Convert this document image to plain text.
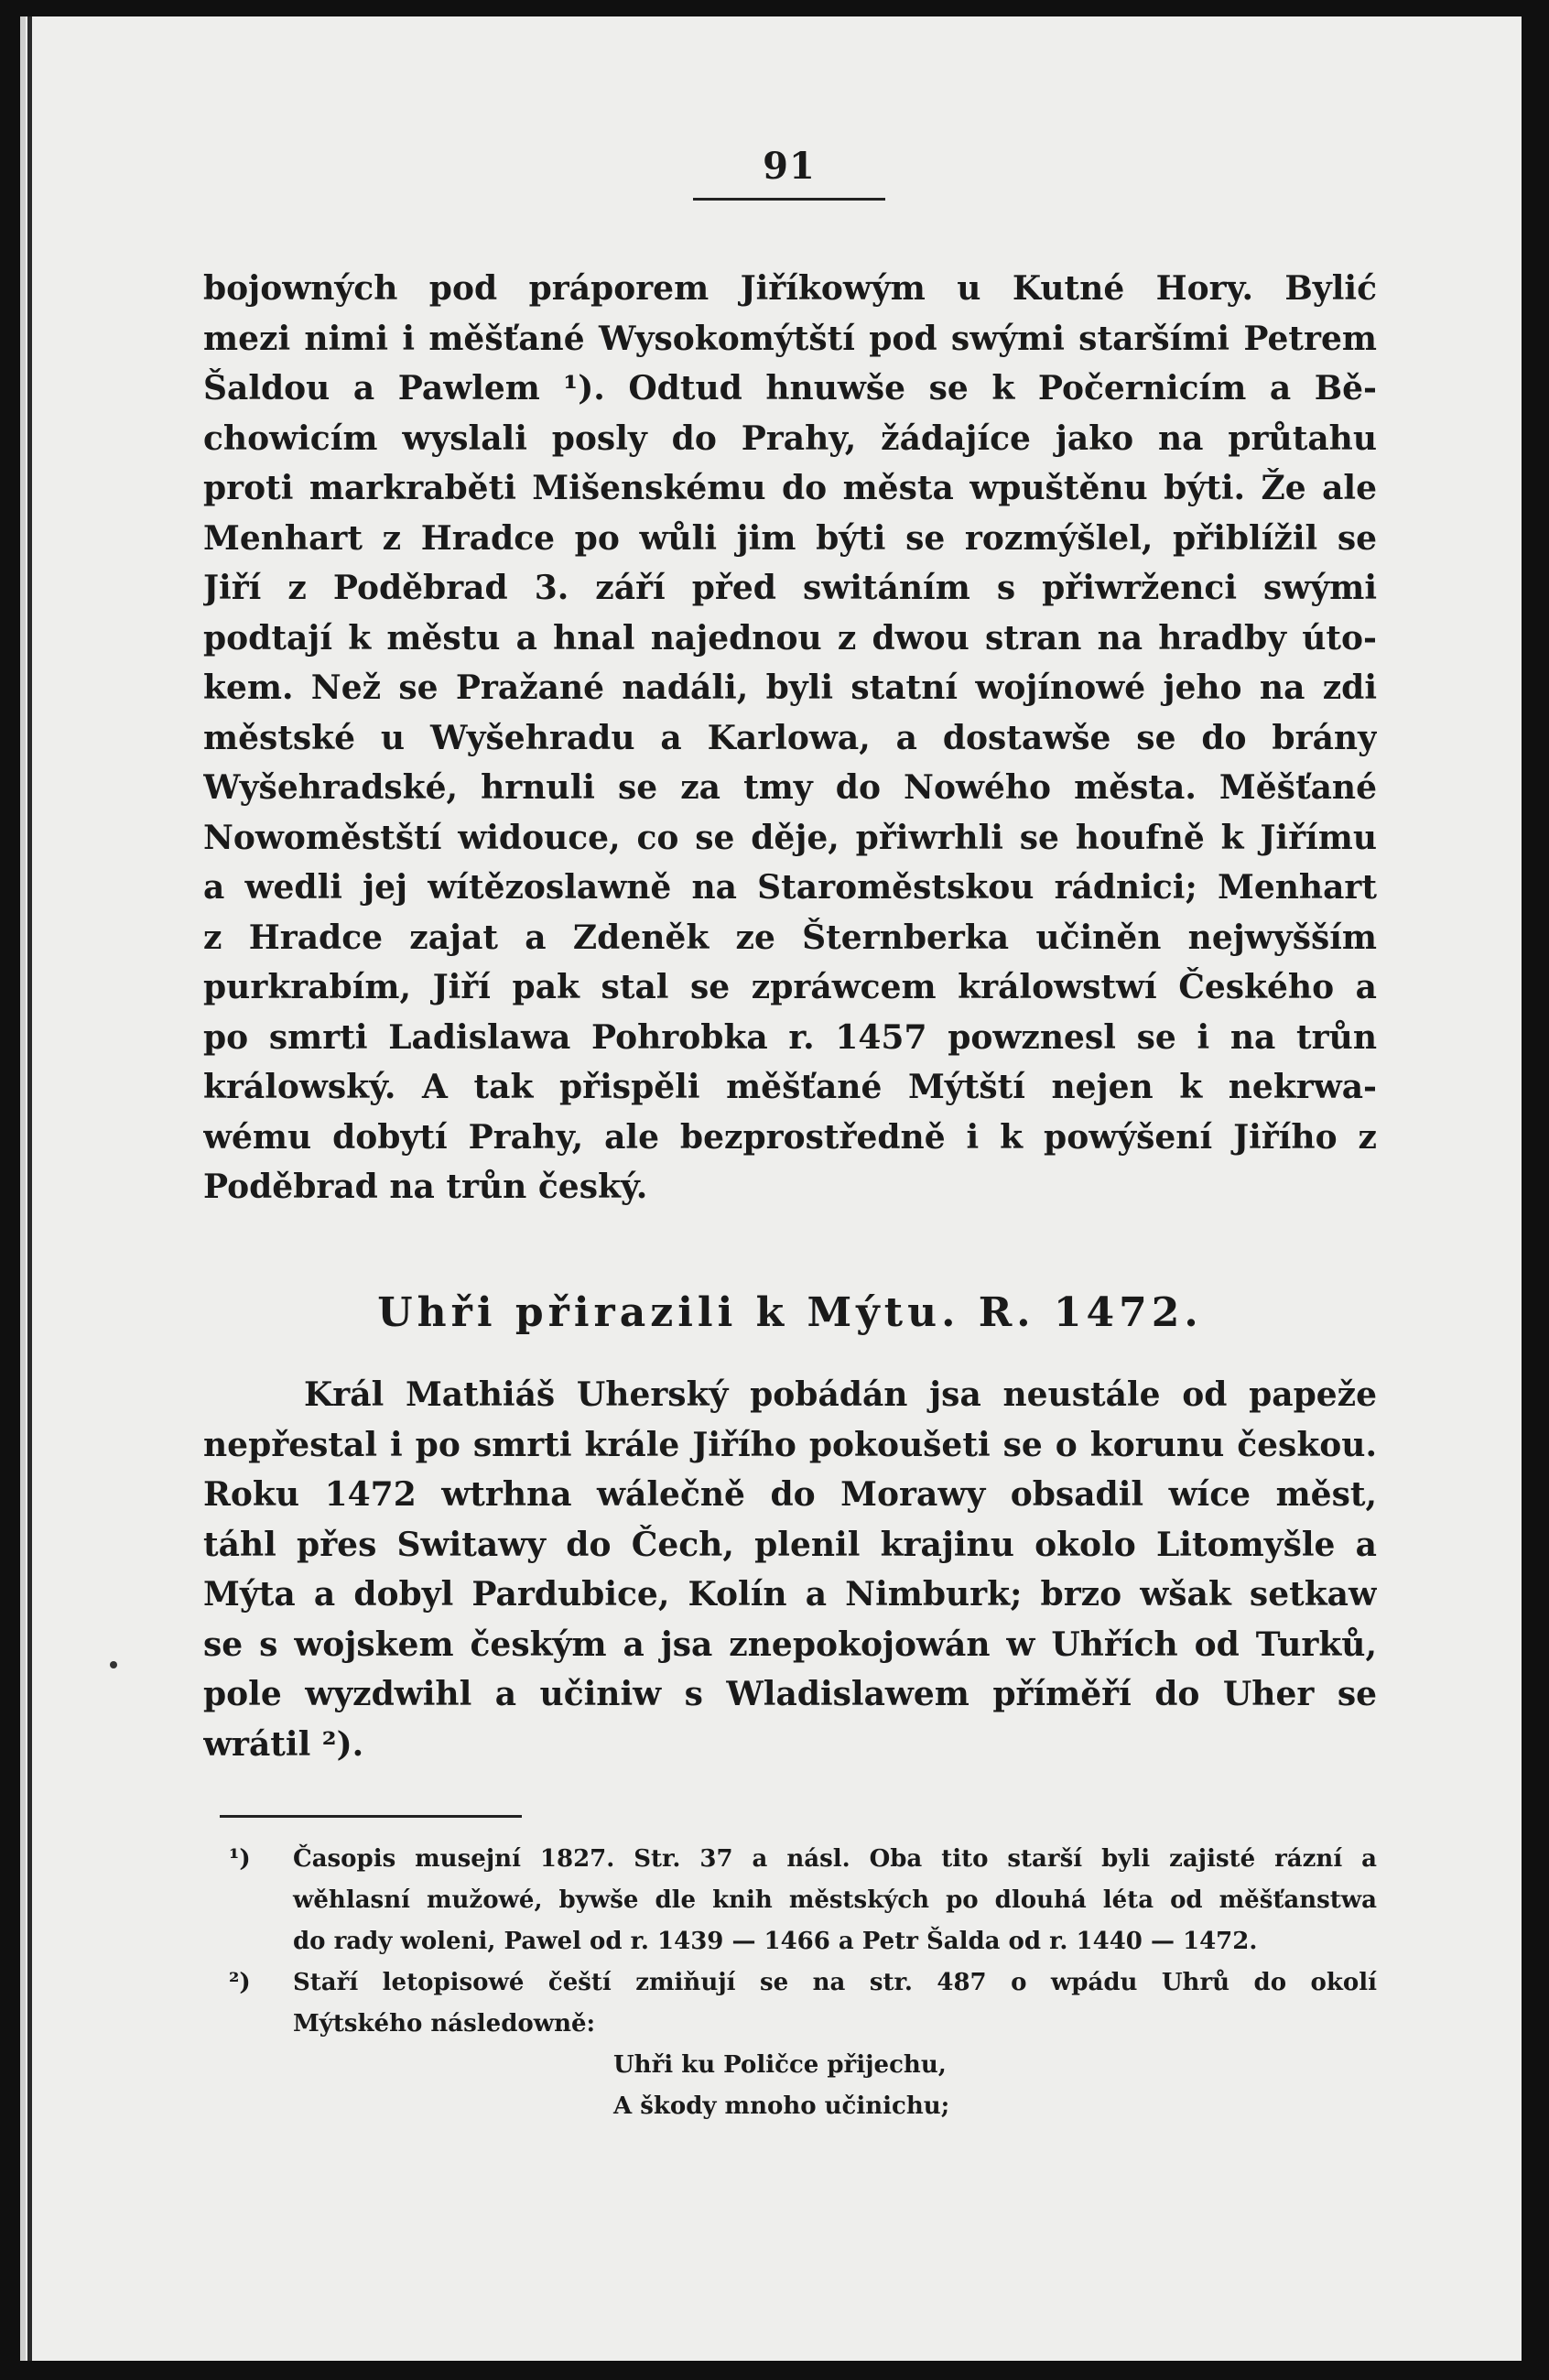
91
bojowných pod práporem Jiříkowým u Kutné Hory. Bylić
mezi nimi i měšťané Wysokomýtští pod swými staršími Petrem
Šaldou a Pawlem ¹). Odtud hnuwše se k Počernicím a Bě-
chowicím wyslali posly do Prahy, žádajíce jako na průtahu
proti markraběti Mišenskému do města wpuštěnu býti. Že ale
Menhart z Hradce po wůli jim býti se rozmýšlel, přiblížil se
Jiří z Poděbrad 3. září před switáním s přiwrženci swými
podtají k městu a hnal najednou z dwou stran na hradby úto-
kem. Než se Pražané nadáli, byli statní wojínowé jeho na zdi
městské u Wyšehradu a Karlowa, a dostawše se do brány
Wyšehradské, hrnuli se za tmy do Nowého města. Měšťané
Nowoměstští widouce, co se děje, přiwrhli se houfně k Jiřímu
a wedli jej wítězoslawně na Staroměstskou rádnici; Menhart
z Hradce zajat a Zdeněk ze Šternberka učiněn nejwyšším
purkrabím, Jiří pak stal se zpráwcem králowstwí Českého a
po smrti Ladislawa Pohrobka r. 1457 powznesl se i na trůn
králowský. A tak přispěli měšťané Mýtští nejen k nekrwa-
wému dobytí Prahy, ale bezprostředně i k powýšení Jiřího z
Poděbrad na trůn český.
Uhři přirazili k Mýtu. R. 1472.
Král Mathiáš Uherský pobádán jsa neustále od papeže
nepřestal i po smrti krále Jiřího pokoušeti se o korunu českou.
Roku 1472 wtrhna wálečně do Morawy obsadil wíce měst,
táhl přes Switawy do Čech, plenil krajinu okolo Litomyšle a
Mýta a dobyl Pardubice, Kolín a Nimburk; brzo wšak setkaw
se s wojskem českým a jsa znepokojowán w Uhřích od Turků,
pole wyzdwihl a učiniw s Wladislawem příměří do Uher se
wrátil ²).
¹) Časopis musejní 1827. Str. 37 a násl. Oba tito starší byli zajisté rázní a
wěhlasní mužowé, bywše dle knih městských po dlouhá léta od měšťanstwa
do rady woleni, Pawel od r. 1439 — 1466 a Petr Šalda od r. 1440 — 1472.
²) Staří letopisowé čeští zmiňují se na str. 487 o wpádu Uhrů do okolí
Mýtského následowně:
Uhři ku Poličce přijechu,
A škody mnoho učinichu;
